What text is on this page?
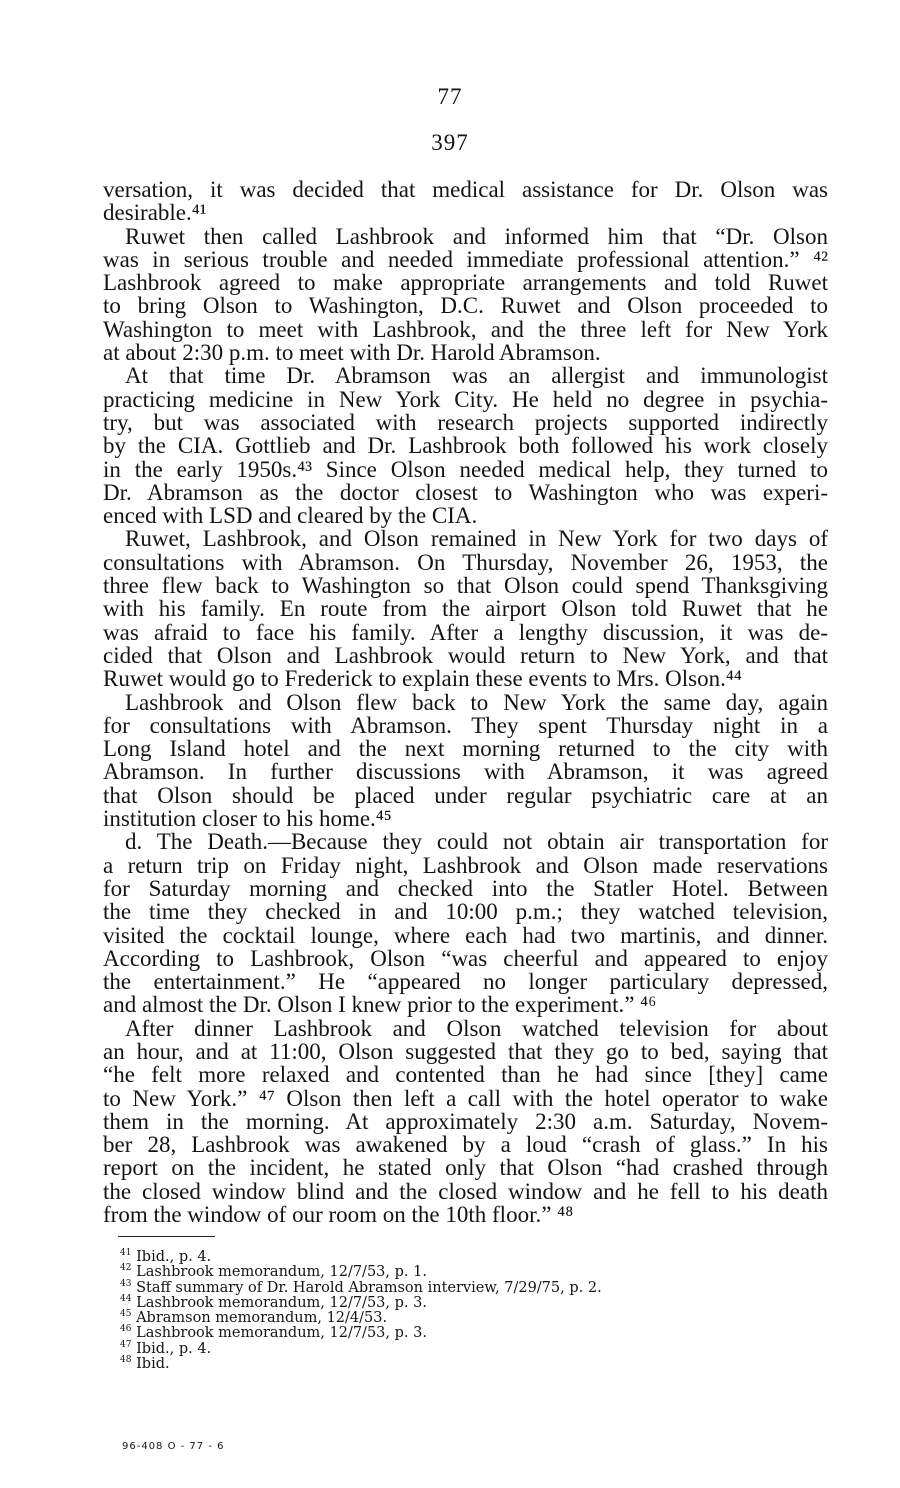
77
397
versation, it was decided that medical assistance for Dr. Olson was
desirable.⁴¹
Ruwet then called Lashbrook and informed him that “Dr. Olson
was in serious trouble and needed immediate professional attention.” ⁴²
Lashbrook agreed to make appropriate arrangements and told Ruwet
to bring Olson to Washington, D.C. Ruwet and Olson proceeded to
Washington to meet with Lashbrook, and the three left for New York
at about 2:30 p.m. to meet with Dr. Harold Abramson.
At that time Dr. Abramson was an allergist and immunologist
practicing medicine in New York City. He held no degree in psychia-
try, but was associated with research projects supported indirectly
by the CIA. Gottlieb and Dr. Lashbrook both followed his work closely
in the early 1950s.⁴³ Since Olson needed medical help, they turned to
Dr. Abramson as the doctor closest to Washington who was experi-
enced with LSD and cleared by the CIA.
Ruwet, Lashbrook, and Olson remained in New York for two days of
consultations with Abramson. On Thursday, November 26, 1953, the
three flew back to Washington so that Olson could spend Thanksgiving
with his family. En route from the airport Olson told Ruwet that he
was afraid to face his family. After a lengthy discussion, it was de-
cided that Olson and Lashbrook would return to New York, and that
Ruwet would go to Frederick to explain these events to Mrs. Olson.⁴⁴
Lashbrook and Olson flew back to New York the same day, again
for consultations with Abramson. They spent Thursday night in a
Long Island hotel and the next morning returned to the city with
Abramson. In further discussions with Abramson, it was agreed
that Olson should be placed under regular psychiatric care at an
institution closer to his home.⁴⁵
d. The Death.—Because they could not obtain air transportation for
a return trip on Friday night, Lashbrook and Olson made reservations
for Saturday morning and checked into the Statler Hotel. Between
the time they checked in and 10:00 p.m.; they watched television,
visited the cocktail lounge, where each had two martinis, and dinner.
According to Lashbrook, Olson “was cheerful and appeared to enjoy
the entertainment.” He “appeared no longer particulary depressed,
and almost the Dr. Olson I knew prior to the experiment.” ⁴⁶
After dinner Lashbrook and Olson watched television for about
an hour, and at 11:00, Olson suggested that they go to bed, saying that
“he felt more relaxed and contented than he had since [they] came
to New York.” ⁴⁷ Olson then left a call with the hotel operator to wake
them in the morning. At approximately 2:30 a.m. Saturday, Novem-
ber 28, Lashbrook was awakened by a loud “crash of glass.” In his
report on the incident, he stated only that Olson “had crashed through
the closed window blind and the closed window and he fell to his death
from the window of our room on the 10th floor.” ⁴⁸
$^{41}$ Ibid., p. 4.
$^{42}$ Lashbrook memorandum, 12/7/53, p. 1.
$^{43}$ Staff summary of Dr. Harold Abramson interview, 7/29/75, p. 2.
$^{44}$ Lashbrook memorandum, 12/7/53, p. 3.
$^{45}$ Abramson memorandum, 12/4/53.
$^{46}$ Lashbrook memorandum, 12/7/53, p. 3.
$^{47}$ Ibid., p. 4.
$^{48}$ Ibid.
96-408 O - 77 - 6
